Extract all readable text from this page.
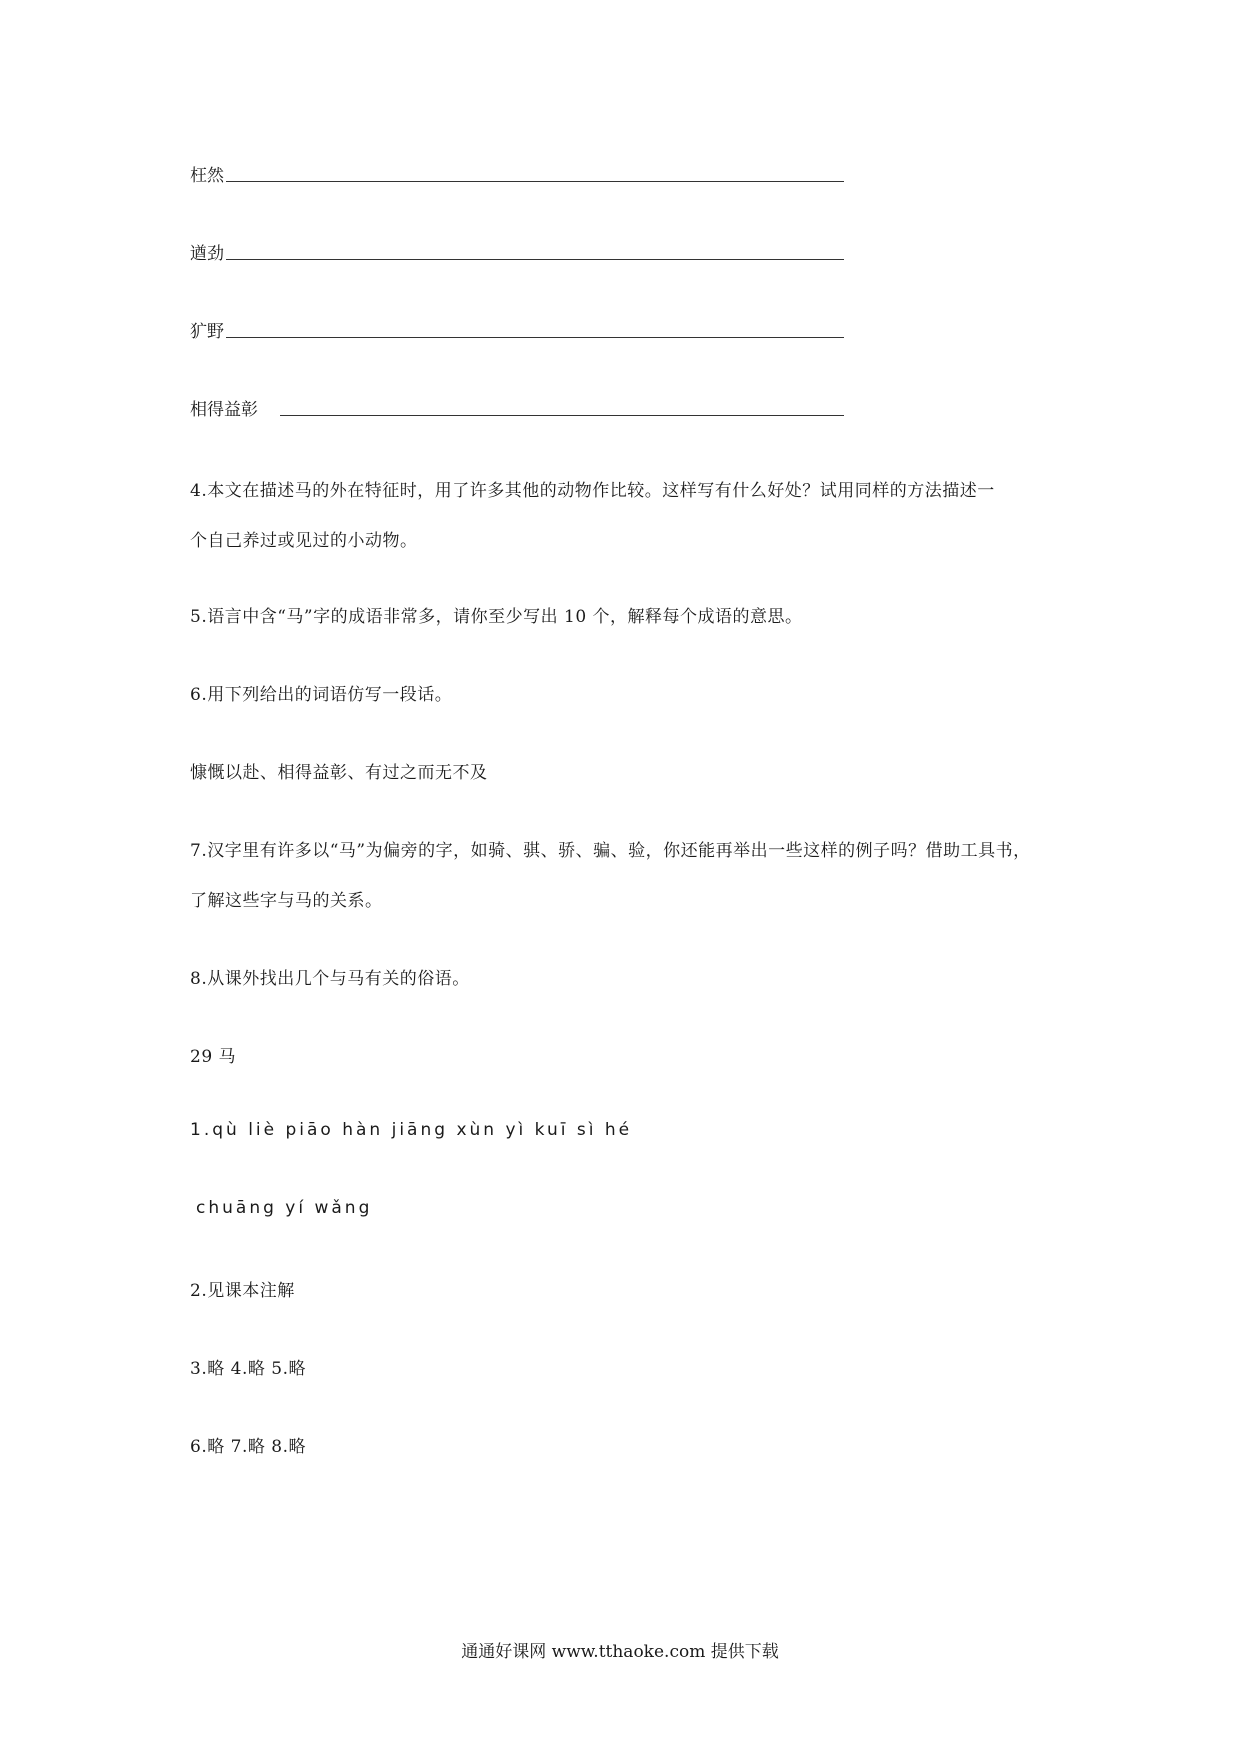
枉然
遒劲
犷野
相得益彰
4.本文在描述马的外在特征时，用了许多其他的动物作比较。这样写有什么好处？试用同样的方法描述一
个自己养过或见过的小动物。
5.语言中含“马”字的成语非常多，请你至少写出 10 个，解释每个成语的意思。
6.用下列给出的词语仿写一段话。
慷慨以赴、相得益彰、有过之而无不及
7.汉字里有许多以“马”为偏旁的字，如骑、骐、骄、骗、验，你还能再举出一些这样的例子吗？借助工具书，
了解这些字与马的关系。
8.从课外找出几个与马有关的俗语。
29 马
1.qù liè piāo hàn jiāng xùn yì kuī sì hé
chuāng yí wǎng
2.见课本注解
3.略 4.略 5.略
6.略 7.略 8.略
通通好课网 www.tthaoke.com 提供下载
